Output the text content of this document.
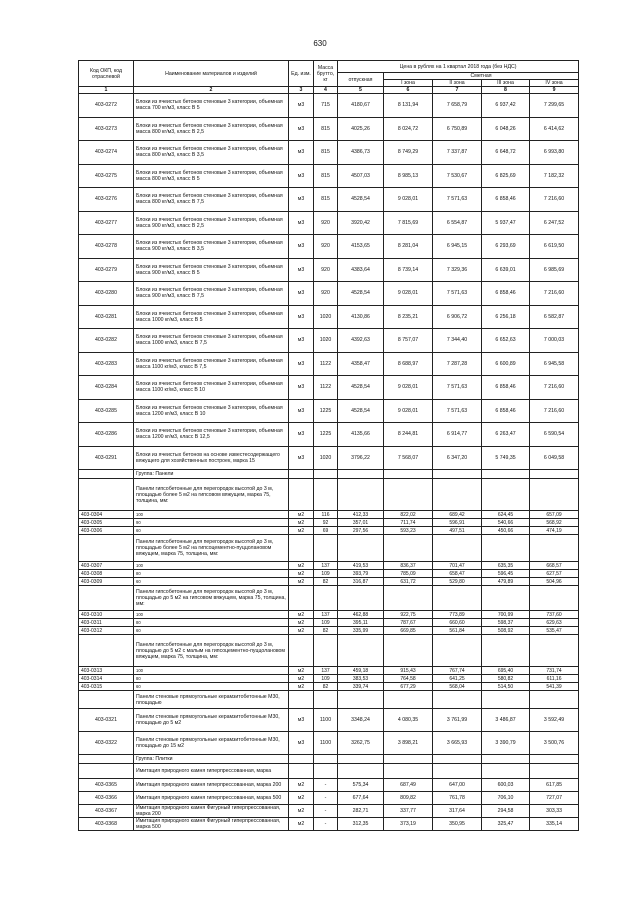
630
Код ОКП, код отраслевой	Наименование материалов и изделий	Ед. изм.	Масса брутто, кг	Цена в рублях на 1 квартал 2018 года (без НДС)				
				отпускная	Сметная			
					I зона	II зона	III зона	IV зона
1	2	3	4	5	6	7	8	9
403-0272	Блоки из ячеистых бетонов стеновые 3 категории, объемная масса 700 кг/м3, класс В 5	м3	715	4180,67	8 131,94	7 658,79	6 937,42	7 299,65
403-0273	Блоки из ячеистых бетонов стеновые 3 категории, объемная масса 800 кг/м3, класс В 2,5	м3	815	4025,26	8 024,72	6 750,89	6 048,26	6 414,62
403-0274	Блоки из ячеистых бетонов стеновые 3 категории, объемная масса 800 кг/м3, класс В 3,5	м3	815	4386,73	8 749,29	7 337,87	6 648,72	6 993,80
403-0275	Блоки из ячеистых бетонов стеновые 3 категории, объемная масса 800 кг/м3, класс В 5	м3	815	4507,03	8 985,13	7 530,67	6 825,69	7 182,32
403-0276	Блоки из ячеистых бетонов стеновые 3 категории, объемная масса 800 кг/м3, класс В 7,5	м3	815	4528,54	9 028,01	7 571,63	6 858,46	7 216,60
403-0277	Блоки из ячеистых бетонов стеновые 3 категории, объемная масса 900 кг/м3, класс В 2,5	м3	920	3920,42	7 815,69	6 554,87	5 937,47	6 247,52
403-0278	Блоки из ячеистых бетонов стеновые 3 категории, объемная масса 900 кг/м3, класс В 3,5	м3	920	4153,65	8 281,04	6 945,15	6 293,69	6 619,50
403-0279	Блоки из ячеистых бетонов стеновые 3 категории, объемная масса 900 кг/м3, класс В 5	м3	920	4383,64	8 739,14	7 329,36	6 639,01	6 985,69
403-0280	Блоки из ячеистых бетонов стеновые 3 категории, объемная масса 900 кг/м3, класс В 7,5	м3	920	4528,54	9 028,01	7 571,63	6 858,46	7 216,60
403-0281	Блоки из ячеистых бетонов стеновые 3 категории, объемная масса 1000 кг/м3, класс В 5	м3	1020	4130,86	8 235,21	6 906,72	6 256,18	6 582,87
403-0282	Блоки из ячеистых бетонов стеновые 3 категории, объемная масса 1000 кг/м3, класс В 7,5	м3	1020	4392,63	8 757,07	7 344,40	6 652,63	7 000,03
403-0283	Блоки из ячеистых бетонов стеновые 3 категории, объемная масса 1100 кг/м3, класс В 7,5	м3	1122	4358,47	8 688,97	7 287,28	6 600,89	6 945,58
403-0284	Блоки из ячеистых бетонов стеновые 3 категории, объемная масса 1100 кг/м3, класс В 10	м3	1122	4528,54	9 028,01	7 571,63	6 858,46	7 216,60
403-0285	Блоки из ячеистых бетонов стеновые 3 категории, объемная масса 1200 кг/м3, класс В 10	м3	1225	4528,54	9 028,01	7 571,63	6 858,46	7 216,60
403-0286	Блоки из ячеистых бетонов стеновые 3 категории, объемная масса 1200 кг/м3, класс В 12,5	м3	1225	4135,66	8 244,81	6 914,77	6 263,47	6 590,54
403-0291	Блоки из ячеистых бетонов на основе известесодержащего вяжущего для хозяйственных построек, марка 15	м3	1020	3796,22	7 568,07	6 347,20	5 749,35	6 049,58
	Группа: Панели							
	Панели гипсобетонные для перегородок высотой до 3 м, площадью более 5 м2 на гипсовом вяжущем, марка 75, толщина, мм:							
403-0304	100	м2	116	412,33	822,02	689,42	624,45	657,09
403-0305	90	м2	92	357,01	711,74	596,91	540,66	568,92
403-0306	60	м2	69	297,56	593,23	497,51	450,66	474,19
	Панели гипсобетонные для перегородок высотой до 3 м, площадью более 5 м2 на гипсоцементно-пуццолановом вяжущем, марка 75, толщина, мм:							
403-0307	100	м2	137	419,53	836,37	701,47	635,35	668,57
403-0308	80	м2	109	393,79	785,09	658,47	596,45	627,57
403-0309	60	м2	82	316,87	631,72	529,80	479,89	504,96
	Панели гипсобетонные для перегородок высотой до 3 м, площадью до 5 м2 на гипсовом вяжущем, марка 75, толщина, мм:							
403-0310	100	м2	137	462,88	922,75	773,89	700,99	737,60
403-0311	80	м2	109	395,11	787,67	660,60	598,37	629,63
403-0312	60	м2	82	335,99	669,85	561,84	508,92	535,47
	Панели гипсобетонные для перегородок высотой до 3 м, площадью до 5 м2 с малым на гипсоцементно-пуццолановом вяжущем, марка 75, толщина, мм:							
403-0313	100	м2	137	459,18	915,43	767,74	695,40	731,74
403-0314	80	м2	109	383,53	764,58	641,25	580,82	611,16
403-0315	60	м2	82	339,74	677,29	568,04	514,50	541,39
	Панели стеновые прямоугольные керамзитобетонные М30, площадью							
403-0321	Панели стеновые прямоугольные керамзитобетонные М30, площадью до 5 м2	м3	1100	3348,24	4 080,35	3 761,99	3 486,87	3 592,49
403-0322	Панели стеновые прямоугольные керамзитобетонные М30, площадью до 15 м2	м3	1100	3262,75	3 898,21	3 665,93	3 390,79	3 500,76
	Группа: Плитки							
	Имитация природного камня гиперпрессованная, марка							
403-0365	Имитация природного камня гиперпрессованная, марка 200	м2	-	575,34	687,49	647,00	600,03	617,85
403-0366	Имитация природного камня гиперпрессованная, марка 500	м2	-	677,64	809,82	761,78	706,10	727,07
403-0367	Имитация природного камня Фигурный гиперпрессованная, марка 200	м2	-	282,71	337,77	317,64	294,58	303,33
403-0368	Имитация природного камня Фигурный гиперпрессованная, марка 500	м2	-	312,35	373,19	350,95	325,47	335,14
